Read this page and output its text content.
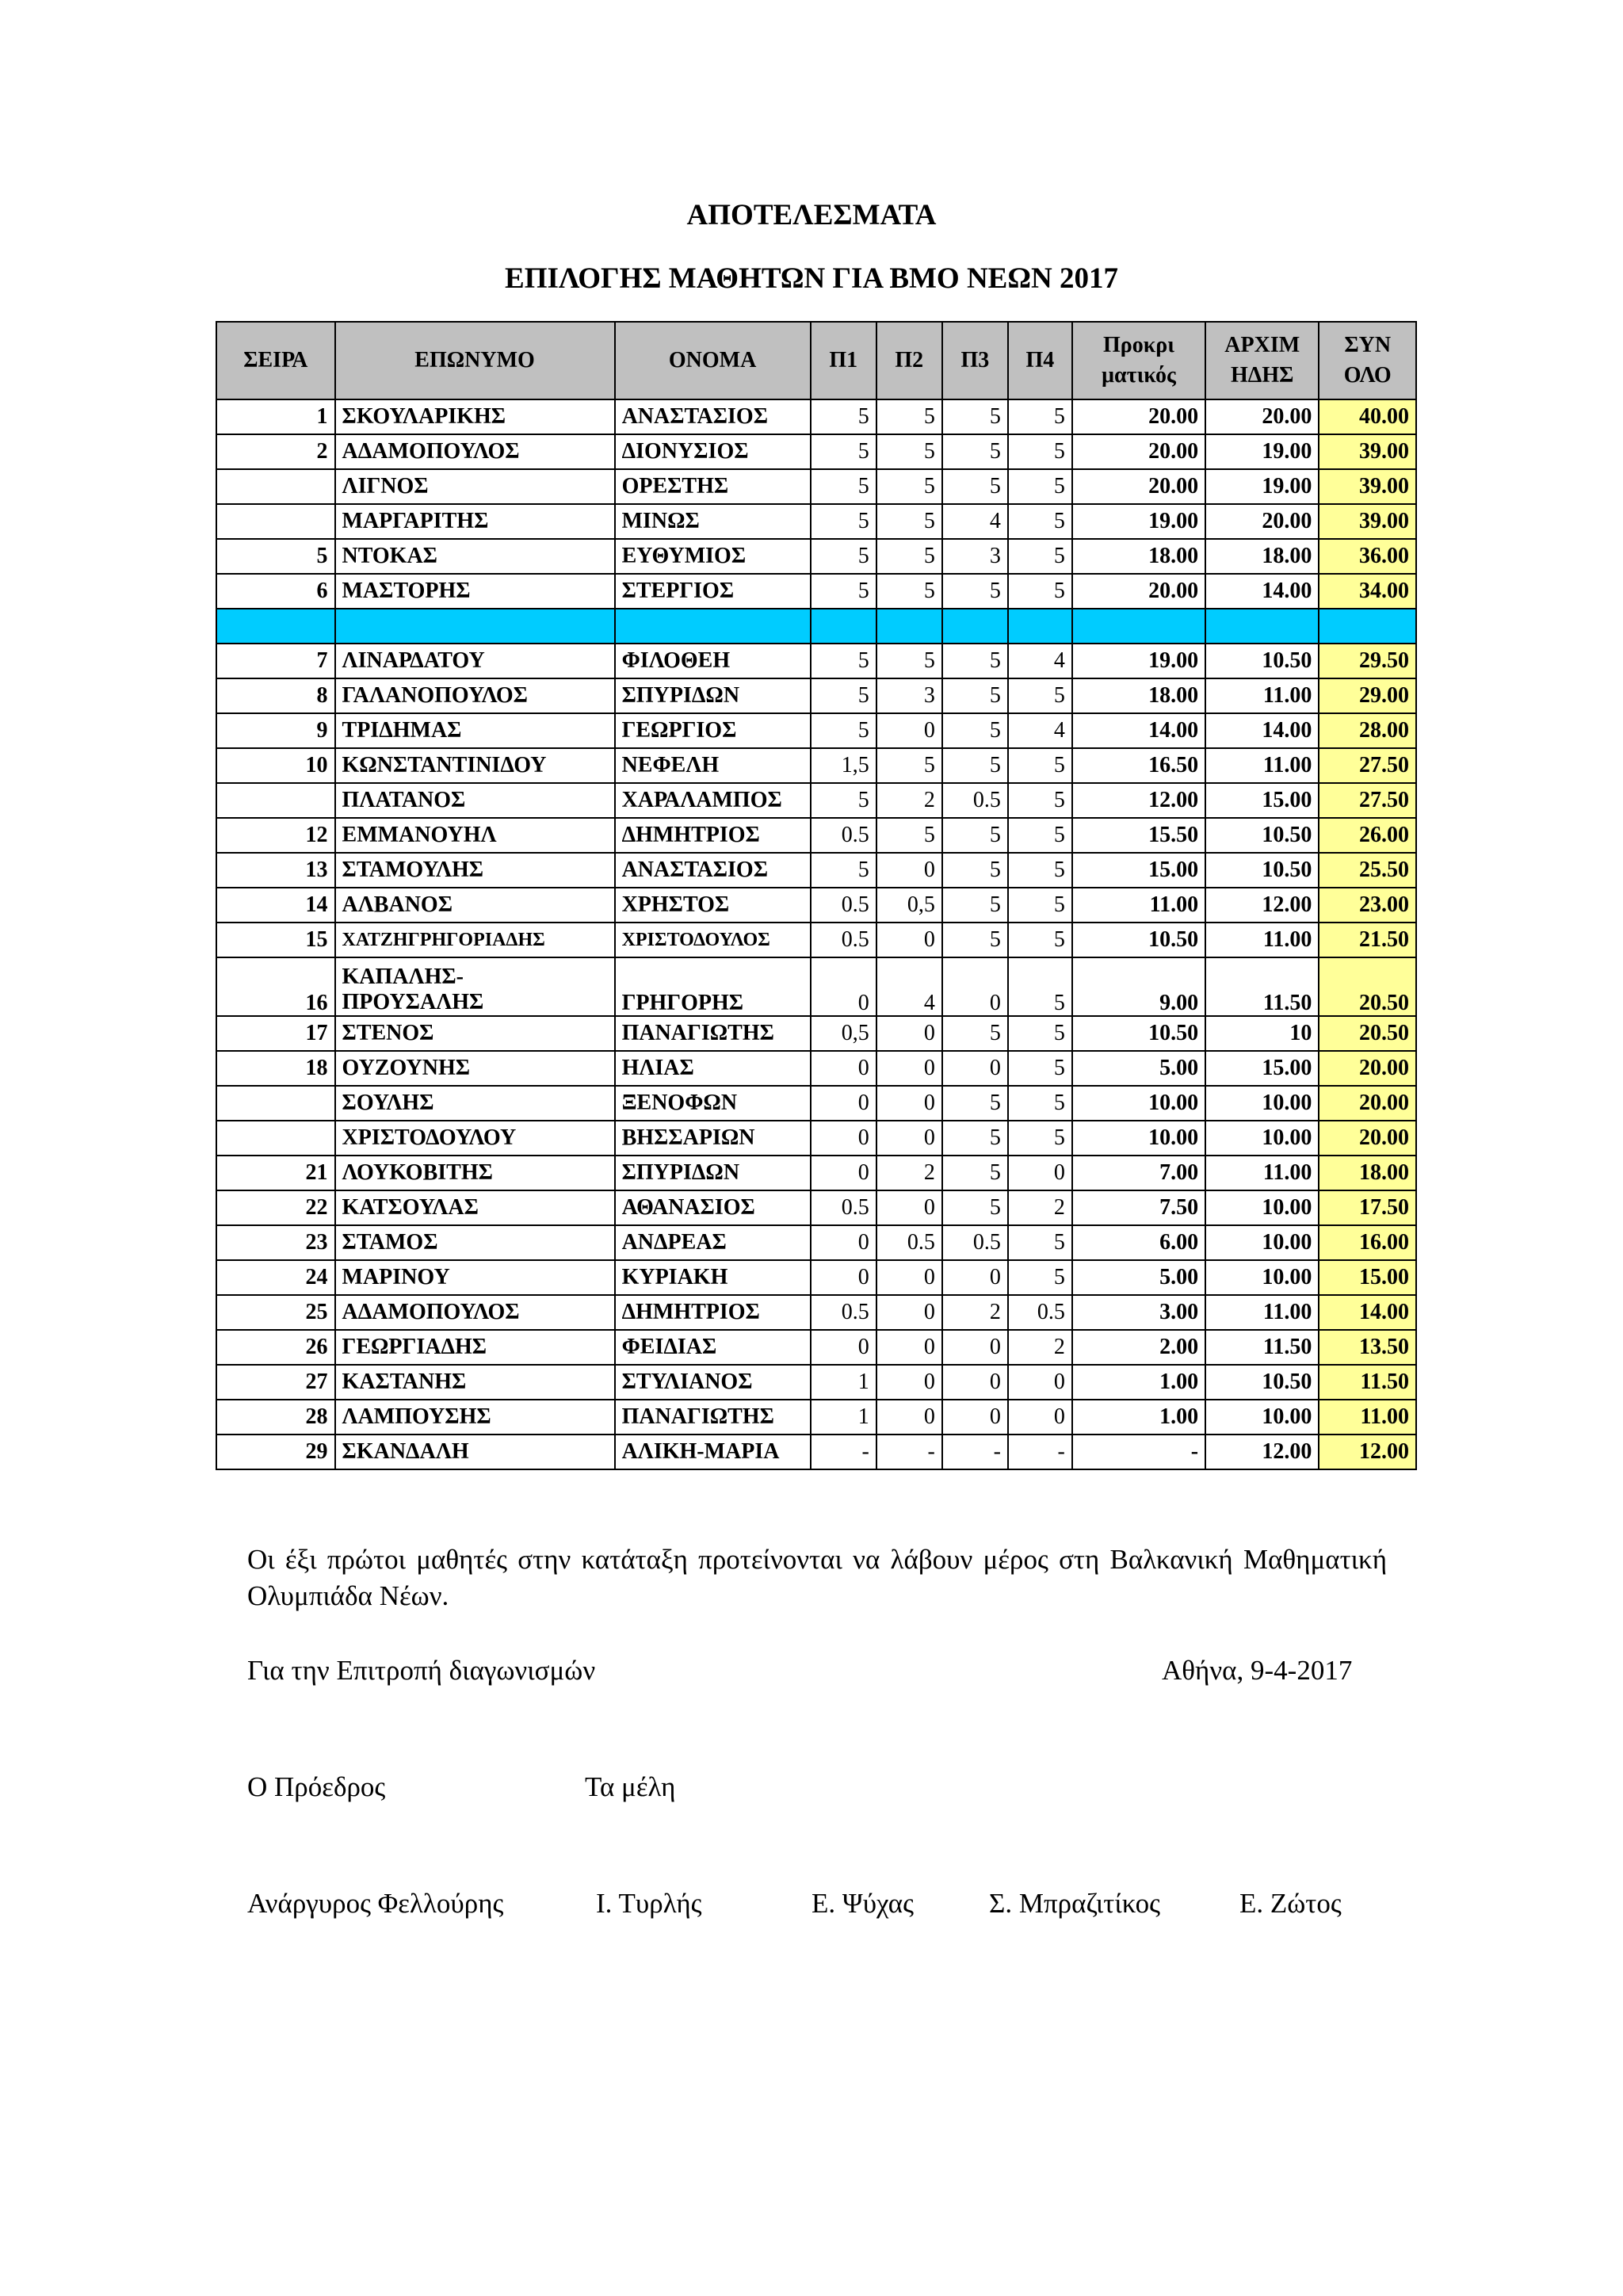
ΑΠΟΤΕΛΕΣΜΑΤΑ
ΕΠΙΛΟΓΗΣ ΜΑΘΗΤΩΝ ΓΙΑ ΒΜΟ ΝΕΩΝ 2017
ΣΕΙΡΑ	ΕΠΩΝΥΜΟ	ΟΝΟΜΑ	Π1	Π2	Π3	Π4	Προκρι
ματικός	ΑΡΧΙΜ
ΗΔΗΣ	ΣΥΝ
ΟΛΟ

1	ΣΚΟΥΛΑΡΙΚΗΣ	ΑΝΑΣΤΑΣΙΟΣ	5	5	5	5	20.00	20.00	40.00
2	ΑΔΑΜΟΠΟΥΛΟΣ	ΔΙΟΝΥΣΙΟΣ	5	5	5	5	20.00	19.00	39.00
	ΛΙΓΝΟΣ	ΟΡΕΣΤΗΣ	5	5	5	5	20.00	19.00	39.00
	ΜΑΡΓΑΡΙΤΗΣ	ΜΙΝΩΣ	5	5	4	5	19.00	20.00	39.00
5	ΝΤΟΚΑΣ	ΕΥΘΥΜΙΟΣ	5	5	3	5	18.00	18.00	36.00
6	ΜΑΣΤΟΡΗΣ	ΣΤΕΡΓΙΟΣ	5	5	5	5	20.00	14.00	34.00

7	ΛΙΝΑΡΔΑΤΟΥ	ΦΙΛΟΘΕΗ	5	5	5	4	19.00	10.50	29.50
8	ΓΑΛΑΝΟΠΟΥΛΟΣ	ΣΠΥΡΙΔΩΝ	5	3	5	5	18.00	11.00	29.00
9	ΤΡΙΔΗΜΑΣ	ΓΕΩΡΓΙΟΣ	5	0	5	4	14.00	14.00	28.00
10	ΚΩΝΣΤΑΝΤΙΝΙΔΟΥ	ΝΕΦΕΛΗ	1,5	5	5	5	16.50	11.00	27.50
	ΠΛΑΤΑΝΟΣ	ΧΑΡΑΛΑΜΠΟΣ	5	2	0.5	5	12.00	15.00	27.50
12	ΕΜΜΑΝΟΥΗΛ	ΔΗΜΗΤΡΙΟΣ	0.5	5	5	5	15.50	10.50	26.00
13	ΣΤΑΜΟΥΛΗΣ	ΑΝΑΣΤΑΣΙΟΣ	5	0	5	5	15.00	10.50	25.50
14	ΑΛΒΑΝΟΣ	ΧΡΗΣΤΟΣ	0.5	0,5	5	5	11.00	12.00	23.00
15	ΧΑΤΖΗΓΡΗΓΟΡΙΑΔΗΣ	ΧΡΙΣΤΟΔΟΥΛΟΣ	0.5	0	5	5	10.50	11.00	21.50
16	ΚΑΠΑΛΗΣ-
ΠΡΟΥΣΑΛΗΣ	ΓΡΗΓΟΡΗΣ	0	4	0	5	9.00	11.50	20.50
17	ΣΤΕΝΟΣ	ΠΑΝΑΓΙΩΤΗΣ	0,5	0	5	5	10.50	10	20.50
18	ΟΥΖΟΥΝΗΣ	ΗΛΙΑΣ	0	0	0	5	5.00	15.00	20.00
	ΣΟΥΛΗΣ	ΞΕΝΟΦΩΝ	0	0	5	5	10.00	10.00	20.00
	ΧΡΙΣΤΟΔΟΥΛΟΥ	ΒΗΣΣΑΡΙΩΝ	0	0	5	5	10.00	10.00	20.00
21	ΛΟΥΚΟΒΙΤΗΣ	ΣΠΥΡΙΔΩΝ	0	2	5	0	7.00	11.00	18.00
22	ΚΑΤΣΟΥΛΑΣ	ΑΘΑΝΑΣΙΟΣ	0.5	0	5	2	7.50	10.00	17.50
23	ΣΤΑΜΟΣ	ΑΝΔΡΕΑΣ	0	0.5	0.5	5	6.00	10.00	16.00
24	ΜΑΡΙΝΟΥ	ΚΥΡΙΑΚΗ	0	0	0	5	5.00	10.00	15.00
25	ΑΔΑΜΟΠΟΥΛΟΣ	ΔΗΜΗΤΡΙΟΣ	0.5	0	2	0.5	3.00	11.00	14.00
26	ΓΕΩΡΓΙΑΔΗΣ	ΦΕΙΔΙΑΣ	0	0	0	2	2.00	11.50	13.50
27	ΚΑΣΤΑΝΗΣ	ΣΤΥΛΙΑΝΟΣ	1	0	0	0	1.00	10.50	11.50
28	ΛΑΜΠΟΥΣΗΣ	ΠΑΝΑΓΙΩΤΗΣ	1	0	0	0	1.00	10.00	11.00
29	ΣΚΑΝΔΑΛΗ	ΑΛΙΚΗ-ΜΑΡΙΑ	-	-	-	-	-	12.00	12.00
Οι έξι πρώτοι μαθητές στην κατάταξη προτείνονται να λάβουν μέρος στη Βαλκανική Μαθηματική Ολυμπιάδα Νέων.
Για την Επιτροπή διαγωνισμών	Αθήνα, 9-4-2017
Ο Πρόεδρος	Τα μέλη
Ανάργυρος Φελλούρης	Ι. Τυρλής	Ε. Ψύχας	Σ. Μπραζιτίκος	Ε. Ζώτος
